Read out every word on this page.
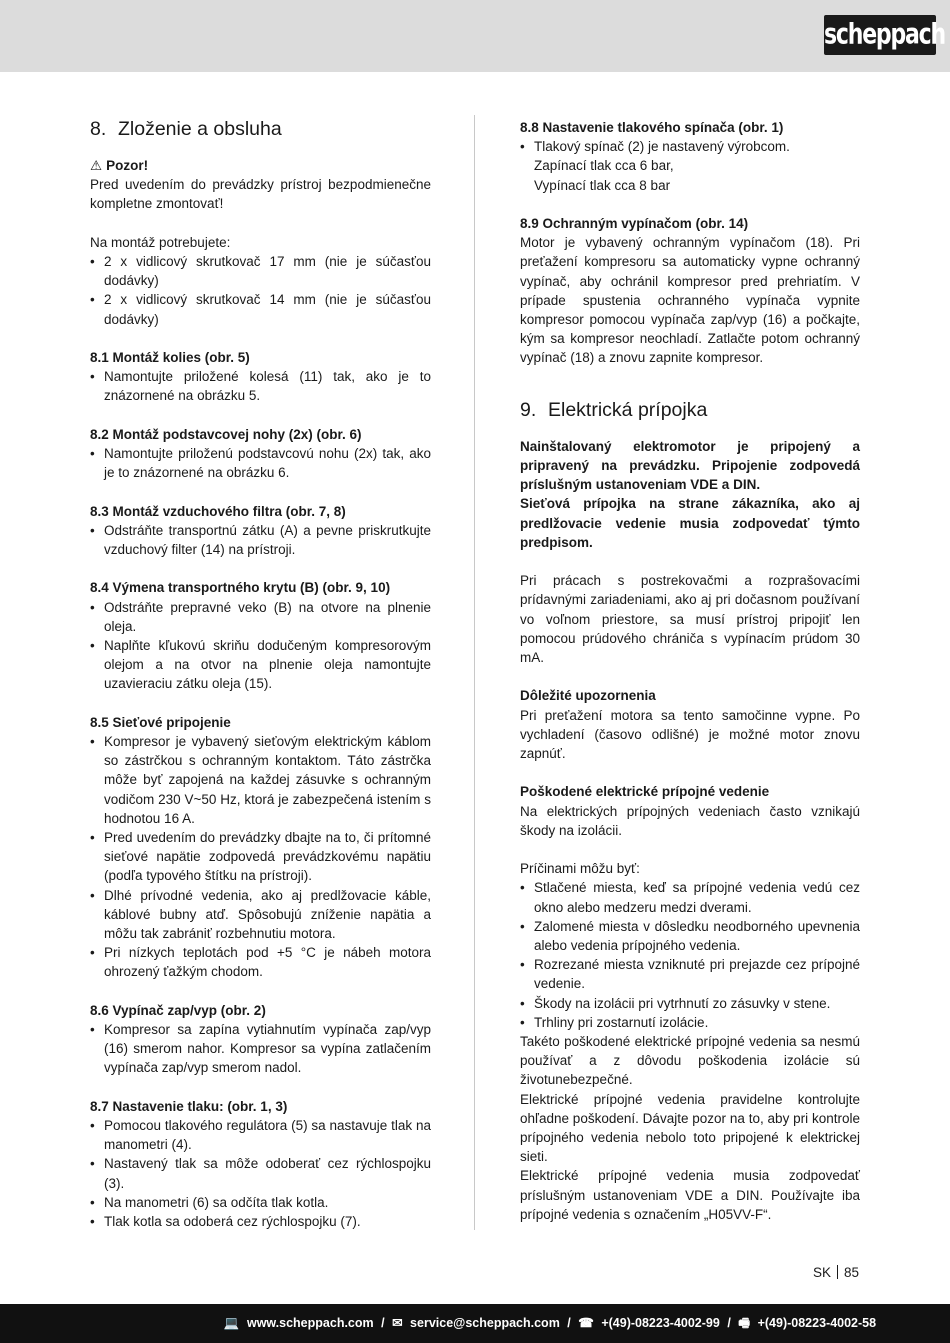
scheppach
8. Zloženie a obsluha
⚠ Pozor!
Pred uvedením do prevádzky prístroj bezpodmienečne kompletne zmontovať!
Na montáž potrebujete:
• 2 x vidlicový skrutkovač 17 mm (nie je súčasťou dodávky)
• 2 x vidlicový skrutkovač 14 mm (nie je súčasťou dodávky)
8.1 Montáž kolies (obr. 5)
• Namontujte priložené kolesá (11) tak, ako je to znázornené na obrázku 5.
8.2 Montáž podstavcovej nohy (2x) (obr. 6)
• Namontujte priloženú podstavcovú nohu (2x) tak, ako je to znázornené na obrázku 6.
8.3 Montáž vzduchového filtra (obr. 7, 8)
• Odstráňte transportnú zátku (A) a pevne priskrutkujte vzduchový filter (14) na prístroji.
8.4 Výmena transportného krytu (B) (obr. 9, 10)
• Odstráňte prepravné veko (B) na otvore na plnenie oleja.
• Naplňte kľukovú skriňu dodučeným kompresorovým olejom a na otvor na plnenie oleja namontujte uzavieraciu zátku oleja (15).
8.5 Sieťové pripojenie
• Kompresor je vybavený sieťovým elektrickým káblom so zástrčkou s ochranným kontaktom. Táto zástrčka môže byť zapojená na každej zásuvke s ochranným vodičom 230 V~50 Hz, ktorá je zabezpečená istením s hodnotou 16 A.
• Pred uvedením do prevádzky dbajte na to, či prítomné sieťové napätie zodpovedá prevádzkovému napätiu (podľa typového štítku na prístroji).
• Dlhé prívodné vedenia, ako aj predlžovacie káble, káblové bubny atď. Spôsobujú zníženie napätia a môžu tak zabrániť rozbehnutiu motora.
• Pri nízkych teplotách pod +5 °C je nábeh motora ohrozený ťažkým chodom.
8.6 Vypínač zap/vyp (obr. 2)
• Kompresor sa zapína vytiahnutím vypínača zap/vyp (16) smerom nahor. Kompresor sa vypína zatlačením vypínača zap/vyp smerom nadol.
8.7 Nastavenie tlaku: (obr. 1, 3)
• Pomocou tlakového regulátora (5) sa nastavuje tlak na manometri (4).
• Nastavený tlak sa môže odoberať cez rýchlospojku (3).
• Na manometri (6) sa odčíta tlak kotla.
• Tlak kotla sa odoberá cez rýchlospojku (7).
8.8 Nastavenie tlakového spínača (obr. 1)
• Tlakový spínač (2) je nastavený výrobcom.
Zapínací tlak cca 6 bar,
Vypínací tlak cca 8 bar
8.9 Ochranným vypínačom (obr. 14)
Motor je vybavený ochranným vypínačom (18). Pri preťažení kompresoru sa automaticky vypne ochranný vypínač, aby ochránil kompresor pred prehriatím. V prípade spustenia ochranného vypínača vypnite kompresor pomocou vypínača zap/vyp (16) a počkajte, kým sa kompresor neochladí. Zatlačte potom ochranný vypínač (18) a znovu zapnite kompresor.
9. Elektrická prípojka
Nainštalovaný elektromotor je pripojený a pripravený na prevádzku. Pripojenie zodpovedá príslušným ustanoveniam VDE a DIN.
Sieťová prípojka na strane zákazníka, ako aj predlžovacie vedenie musia zodpovedať týmto predpisom.
Pri prácach s postrekovačmi a rozprašovacími prídavnými zariadeniami, ako aj pri dočasnom používaní vo voľnom priestore, sa musí prístroj pripojiť len pomocou prúdového chrániča s vypínacím prúdom 30 mA.
Dôležité upozornenia
Pri preťažení motora sa tento samočinne vypne. Po vychladení (časovo odlišné) je možné motor znovu zapnúť.
Poškodené elektrické prípojné vedenie
Na elektrických prípojných vedeniach často vznikajú škody na izolácii.
Príčinami môžu byť:
• Stlačené miesta, keď sa prípojné vedenia vedú cez okno alebo medzeru medzi dverami.
• Zalomené miesta v dôsledku neodborného upevnenia alebo vedenia prípojného vedenia.
• Rozrezané miesta vzniknuté pri prejazde cez prípojné vedenie.
• Škody na izolácii pri vytrhnutí zo zásuvky v stene.
• Trhliny pri zostarnutí izolácie.
Takéto poškodené elektrické prípojné vedenia sa nesmú používať a z dôvodu poškodenia izolácie sú životunebezpečné.
Elektrické prípojné vedenia pravidelne kontrolujte ohľadne poškodení. Dávajte pozor na to, aby pri kontrole prípojného vedenia nebolo toto pripojené k elektrickej sieti.
Elektrické prípojné vedenia musia zodpovedať príslušným ustanoveniam VDE a DIN. Používajte iba prípojné vedenia s označením „H05VV-F“.
SK 85
💻 www.scheppach.com / ✉ service@scheppach.com / ☎ +(49)-08223-4002-99 / 🖷 +(49)-08223-4002-58
